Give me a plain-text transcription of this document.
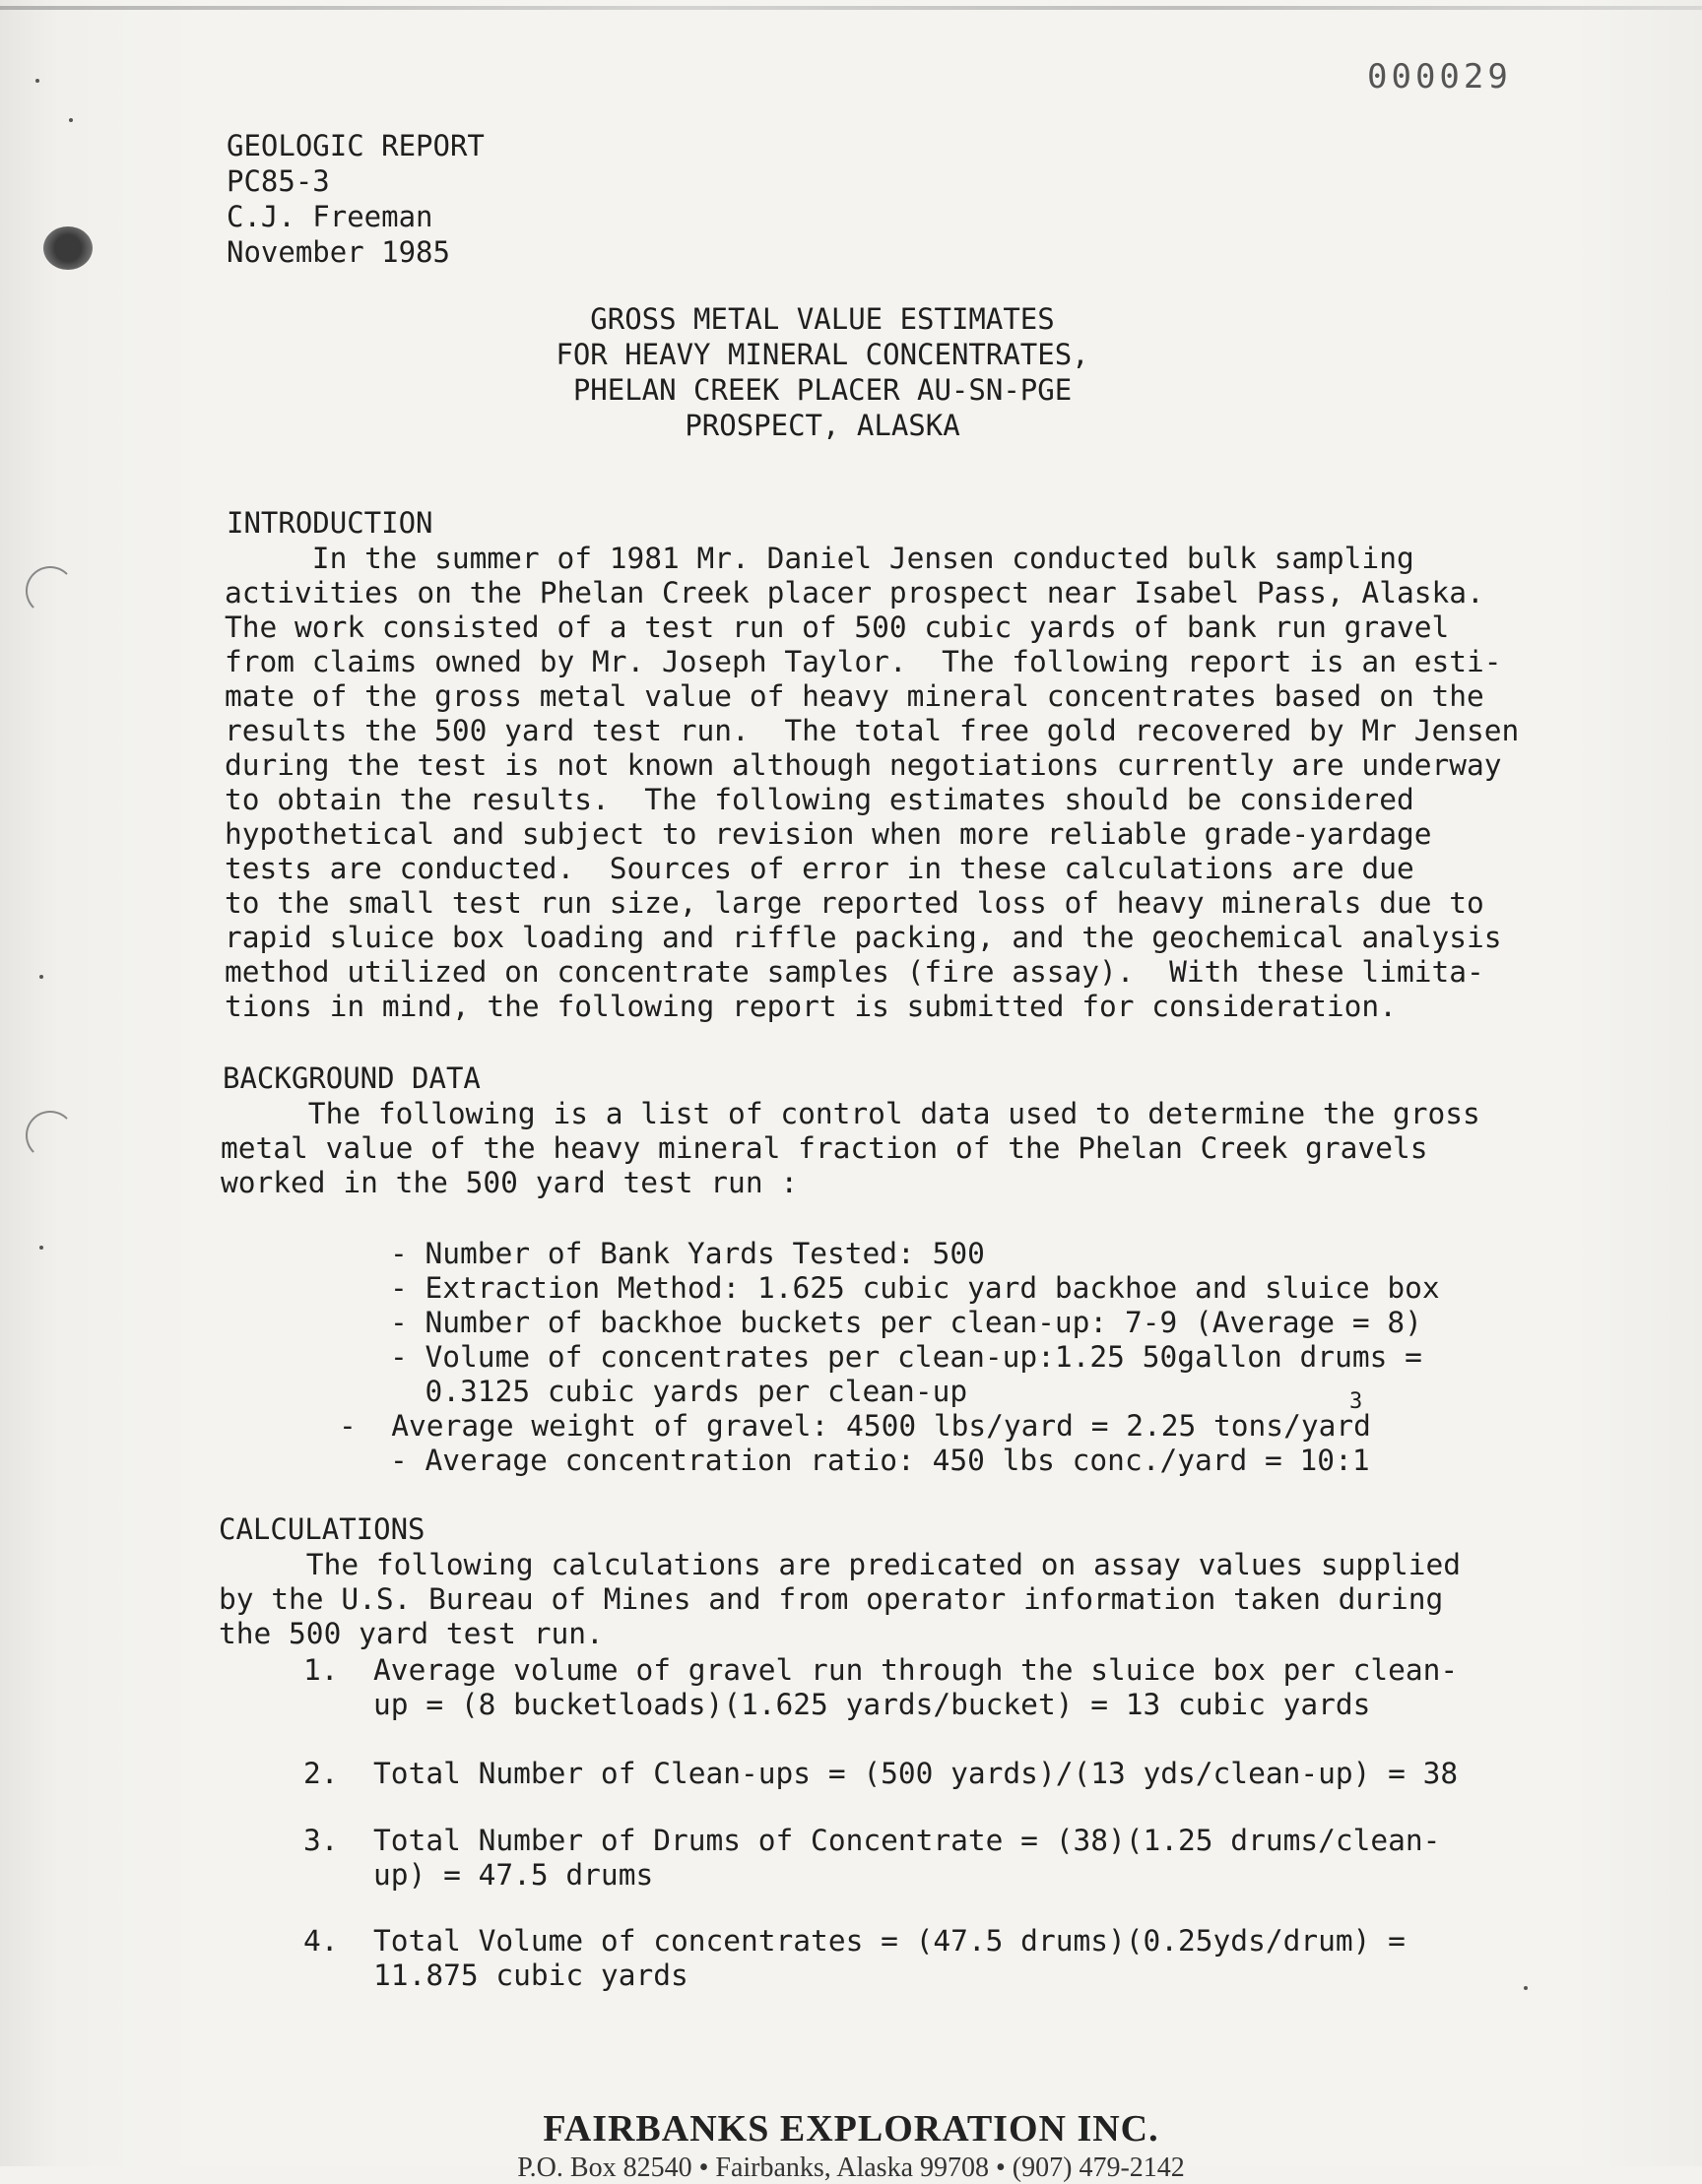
000029
GEOLOGIC REPORT
PC85-3
C.J. Freeman
November 1985
GROSS METAL VALUE ESTIMATES
FOR HEAVY MINERAL CONCENTRATES,
PHELAN CREEK PLACER AU-SN-PGE
PROSPECT, ALASKA
INTRODUCTION
In the summer of 1981 Mr. Daniel Jensen conducted bulk sampling
activities on the Phelan Creek placer prospect near Isabel Pass, Alaska.
The work consisted of a test run of 500 cubic yards of bank run gravel
from claims owned by Mr. Joseph Taylor.  The following report is an esti-
mate of the gross metal value of heavy mineral concentrates based on the
results the 500 yard test run.  The total free gold recovered by Mr Jensen
during the test is not known although negotiations currently are underway
to obtain the results.  The following estimates should be considered
hypothetical and subject to revision when more reliable grade-yardage
tests are conducted.  Sources of error in these calculations are due
to the small test run size, large reported loss of heavy minerals due to
rapid sluice box loading and riffle packing, and the geochemical analysis
method utilized on concentrate samples (fire assay).  With these limita-
tions in mind, the following report is submitted for consideration.
BACKGROUND DATA
The following is a list of control data used to determine the gross
metal value of the heavy mineral fraction of the Phelan Creek gravels
worked in the 500 yard test run :
- Number of Bank Yards Tested: 500
- Extraction Method: 1.625 cubic yard backhoe and sluice box
- Number of backhoe buckets per clean-up: 7-9 (Average = 8)
- Volume of concentrates per clean-up:1.25 50gallon drums =
0.3125 cubic yards per clean-up
-  Average weight of gravel: 4500 lbs/yard = 2.25 tons/yard
3
- Average concentration ratio: 450 lbs conc./yard = 10:1
CALCULATIONS
The following calculations are predicated on assay values supplied
by the U.S. Bureau of Mines and from operator information taken during
the 500 yard test run.
1.  Average volume of gravel run through the sluice box per clean-
up = (8 bucketloads)(1.625 yards/bucket) = 13 cubic yards
2.  Total Number of Clean-ups = (500 yards)/(13 yds/clean-up) = 38
3.  Total Number of Drums of Concentrate = (38)(1.25 drums/clean-
up) = 47.5 drums
4.  Total Volume of concentrates = (47.5 drums)(0.25yds/drum) =
11.875 cubic yards
FAIRBANKS EXPLORATION INC.
P.O. Box 82540 • Fairbanks, Alaska 99708 • (907) 479-2142
